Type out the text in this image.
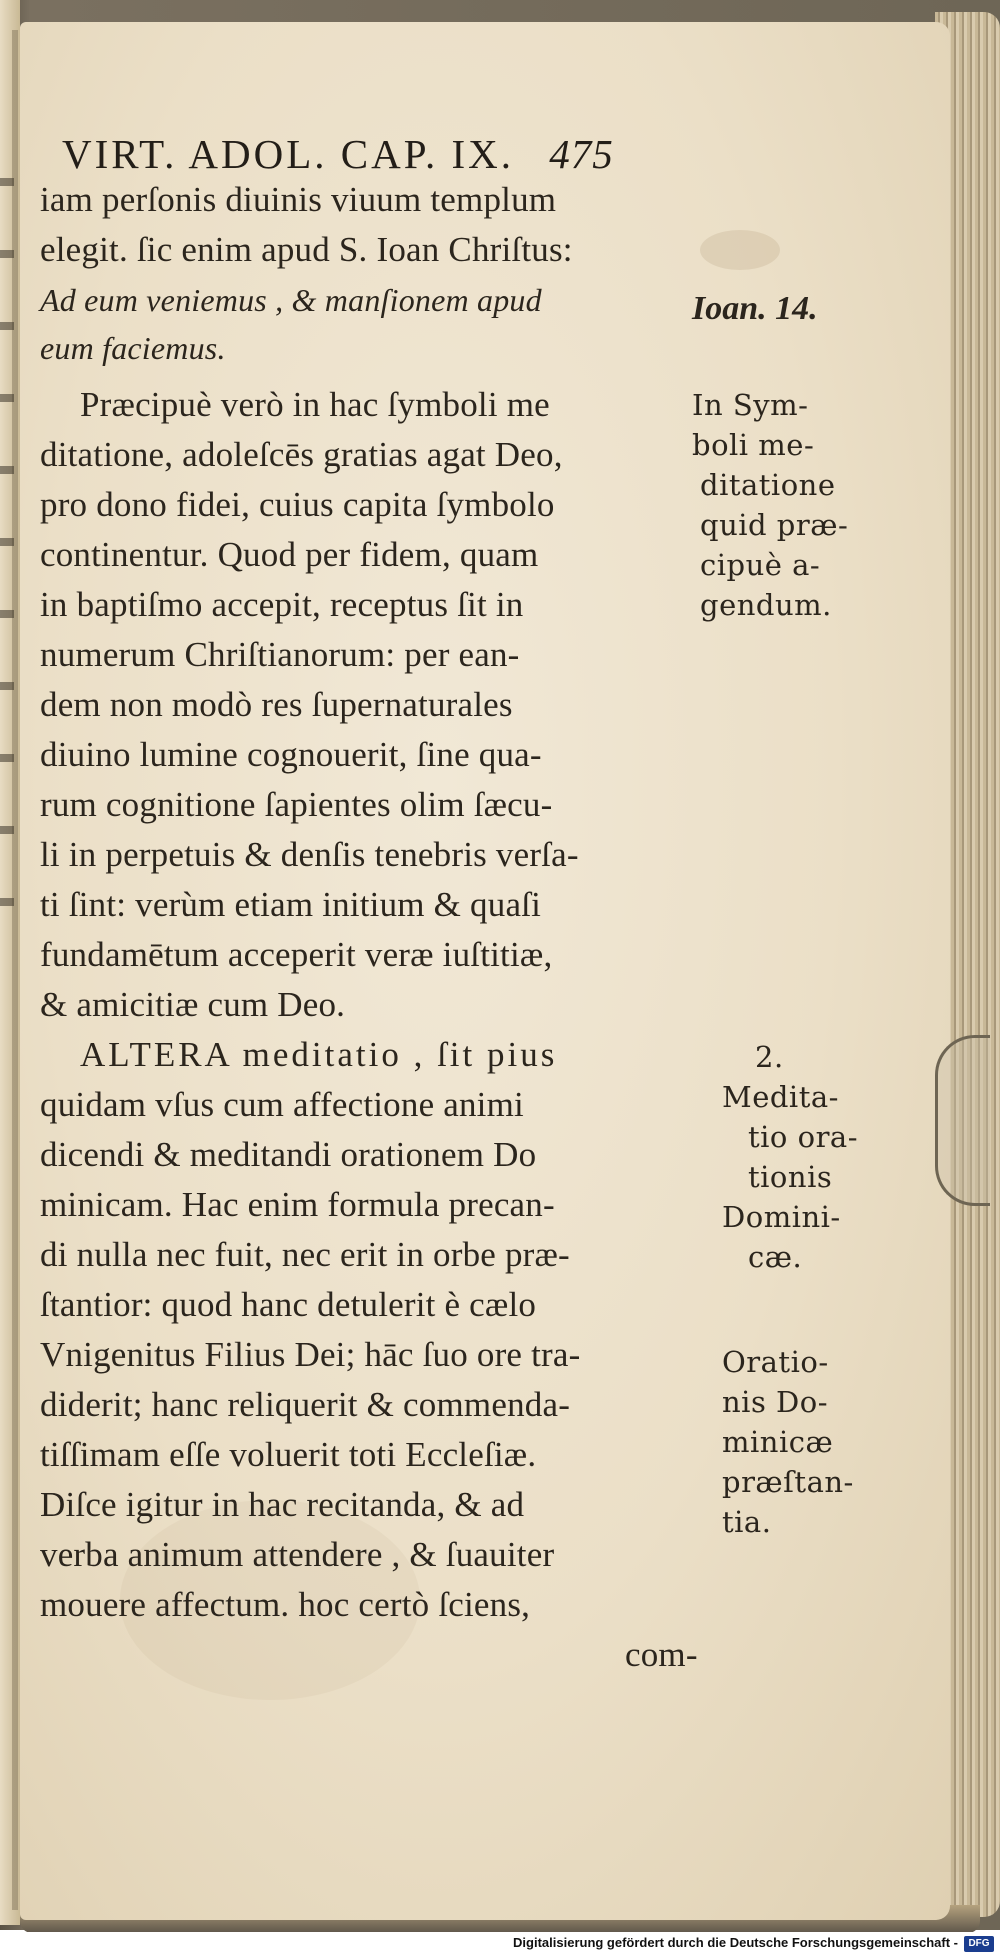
VIRT. ADOL. CAP. IX. 475
iam perſonis diuinis viuum templum
elegit. ſic enim apud S. Ioan Chriſtus:
Ad eum veniemus , & manſionem apud
eum faciemus.
Præcipuè verò in hac ſymboli me
ditatione, adoleſcēs gratias agat Deo,
pro dono fidei, cuius capita ſymbolo
continentur. Quod per fidem, quam
in baptiſmo accepit, receptus ſit in
numerum Chriſtianorum: per ean-
dem non modò res ſupernaturales
diuino lumine cognouerit, ſine qua-
rum cognitione ſapientes olim ſæcu-
li in perpetuis & denſis tenebris verſa-
ti ſint: verùm etiam initium & quaſi
fundamētum acceperit veræ iuſtitiæ,
& amicitiæ cum Deo.
ALTERA meditatio , ſit pius
quidam vſus cum affectione animi
dicendi & meditandi orationem Do
minicam. Hac enim formula precan-
di nulla nec fuit, nec erit in orbe præ-
ſtantior: quod hanc detulerit è cælo
Vnigenitus Filius Dei; hāc ſuo ore tra-
diderit; hanc reliquerit & commenda-
tiſſimam eſſe voluerit toti Eccleſiæ.
Diſce igitur in hac recitanda, & ad
verba animum attendere , & ſuauiter
mouere affectum. hoc certò ſciens,
com-
Ioan. 14.
In Sym-
boli me-
ditatione
quid præ-
cipuè a-
gendum.
2.
Medita-
tio ora-
tionis
Domini-
cæ.
Oratio-
nis Do-
minicæ
præſtan-
tia.
Digitalisierung gefördert durch die Deutsche Forschungsgemeinschaft -	DFG
